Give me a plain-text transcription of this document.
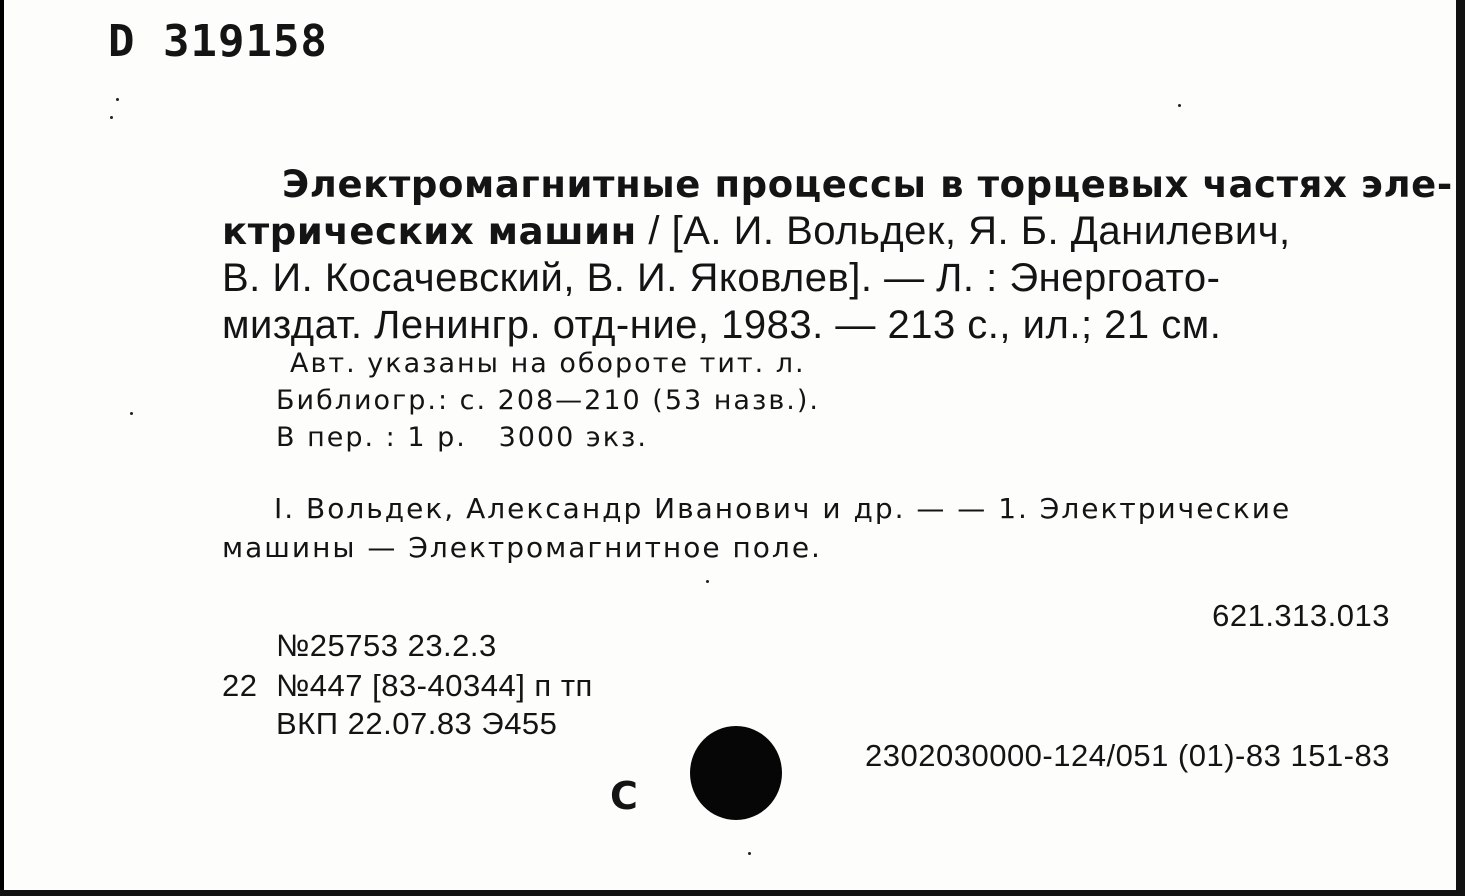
D 319158
Электромагнитные процессы в торцевых частях эле-
ктрических машин / [А. И. Вольдек, Я. Б. Данилевич,
В. И. Косачевский, В. И. Яковлев]. — Л. : Энергоато-
миздат. Ленингр. отд-ние, 1983. — 213 с., ил.; 21 см.
Авт. указаны на обороте тит. л.
Библиогр.: с. 208—210 (53 назв.).
В пер. : 1 р.   3000 экз.
I. Вольдек, Александр Иванович и др. — — 1. Электрические
машины — Электромагнитное поле.
621.313.013
№25753 23.2.3
22 №447 [83-40344] п тп
ВКП 22.07.83 Э455
2302030000-124/051 (01)-83 151-83
С
